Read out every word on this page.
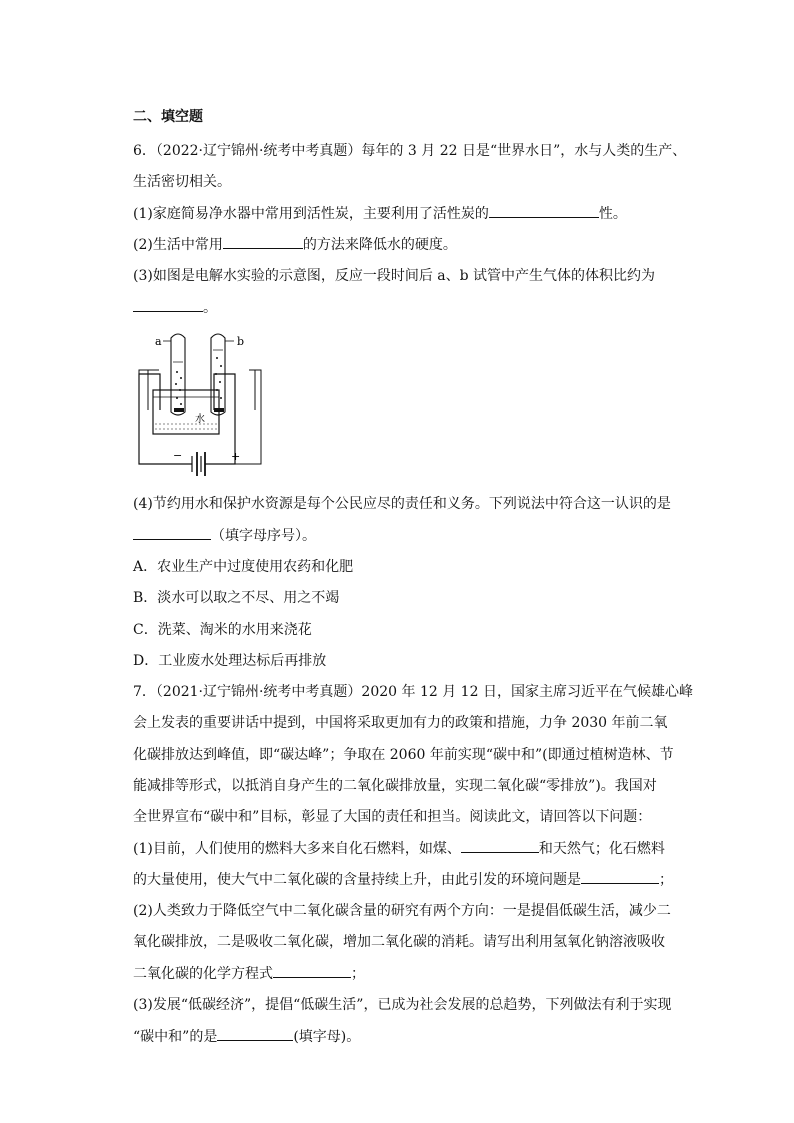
二、填空题
6．（2022·辽宁锦州·统考中考真题）每年的 3 月 22 日是“世界水日”，水与人类的生产、
生活密切相关。
(1)家庭简易净水器中常用到活性炭，主要利用了活性炭的	性。
(2)生活中常用	的方法来降低水的硬度。
(3)如图是电解水实验的示意图，反应一段时间后 a、b 试管中产生气体的体积比约为
。
a	b
水
−	+
(4)节约用水和保护水资源是每个公民应尽的责任和义务。下列说法中符合这一认识的是
（填字母序号）。
A．农业生产中过度使用农药和化肥
B．淡水可以取之不尽、用之不竭
C．洗菜、淘米的水用来浇花
D．工业废水处理达标后再排放
7．（2021·辽宁锦州·统考中考真题）2020 年 12 月 12 日，国家主席习近平在气候雄心峰
会上发表的重要讲话中提到，中国将采取更加有力的政策和措施，力争 2030 年前二氧
化碳排放达到峰值，即“碳达峰”；争取在 2060 年前实现“碳中和”(即通过植树造林、节
能减排等形式，以抵消自身产生的二氧化碳排放量，实现二氧化碳“零排放”)。我国对
全世界宣布“碳中和”目标，彰显了大国的责任和担当。阅读此文，请回答以下问题：
(1)目前，人们使用的燃料大多来自化石燃料，如煤、	和天然气；化石燃料
的大量使用，使大气中二氧化碳的含量持续上升，由此引发的环境问题是	；
(2)人类致力于降低空气中二氧化碳含量的研究有两个方向：一是提倡低碳生活，减少二
氧化碳排放，二是吸收二氧化碳，增加二氧化碳的消耗。请写出利用氢氧化钠溶液吸收
二氧化碳的化学方程式	；
(3)发展“低碳经济”，提倡“低碳生活”，已成为社会发展的总趋势，下列做法有利于实现
“碳中和”的是	(填字母)。
